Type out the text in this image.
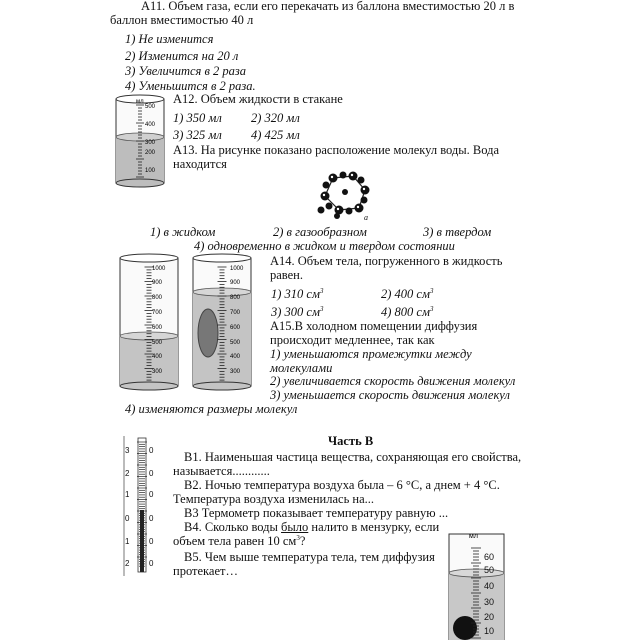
А11. Объем газа, если его перекачать из баллона вместимостью 20 л в
баллон вместимостью 40 л
1) Не изменится
2) Изменится на 20 л
3) Увеличится в 2 раза
4) Уменьшится в 2 раза.
мл
500
400
300
200
100
А12. Объем жидкости в стакане
1) 350 мл 2) 320 мл
3) 325 мл 4) 425 мл
А13. На рисунке показано расположение молекул воды. Вода
находится
a
1) в жидком	2) в газообразном	3) в твердом
4) одновременно в жидком и твердом состоянии
1000
900
800
700
600
500
400
300
1000
900
800
700
600
500
400
300
А14. Объем тела, погруженного в жидкость
равен.
1) 310 $см^3$	2) 400 $см^3$
3) 300 $см^3$	4) 800 $см^3$
А15.В холодном помещении диффузия
происходит медленнее, так как
1) уменьшаются промежутки между
молекулами
2) увеличивается скорость движения молекул
3) уменьшается скорость движения молекул
4) изменяются размеры молекул
Часть В
3
2
1
0
1
2
0
0
0
0
0
0
В1. Наименьшая частица вещества, сохраняющая его свойства,
называется............
В2. Ночью температура воздуха была – 6 °С, а днем + 4 °С.
Температура воздуха изменилась на...
В3 Термометр показывает температуру равную ...
В4. Сколько воды было налито в мензурку, если
объем тела равен 10 $см^3$?
В5. Чем выше температура тела, тем диффузия
протекает…
мл
60
50
40
30
20
10
